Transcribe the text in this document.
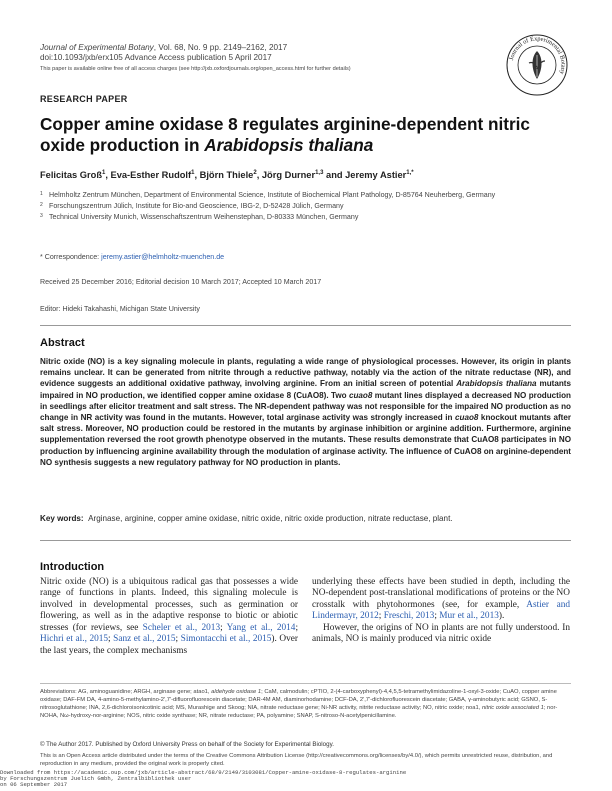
Journal of Experimental Botany, Vol. 68, No. 9 pp. 2149–2162, 2017
doi:10.1093/jxb/erx105 Advance Access publication 5 April 2017
This paper is available online free of all access charges (see http://jxb.oxfordjournals.org/open_access.html for further details)
Journal of Experimental Botany
RESEARCH PAPER
Copper amine oxidase 8 regulates arginine-dependent nitric oxide production in Arabidopsis thaliana
Felicitas Groß$^1$, Eva-Esther Rudolf$^1$, Björn Thiele$^2$, Jörg Durner$^{1,3}$ and Jeremy Astier$^{1,*}$
1 Helmholtz Zentrum München, Department of Environmental Science, Institute of Biochemical Plant Pathology, D-85764 Neuherberg, Germany
2 Forschungszentrum Jülich, Institute for Bio-and Geoscience, IBG-2, D-52428 Jülich, Germany
3 Technical University Munich, Wissenschaftszentrum Weihenstephan, D-80333 München, Germany
* Correspondence: jeremy.astier@helmholtz-muenchen.de
Received 25 December 2016; Editorial decision 10 March 2017; Accepted 10 March 2017
Editor: Hideki Takahashi, Michigan State University
Abstract
Nitric oxide (NO) is a key signaling molecule in plants, regulating a wide range of physiological processes. However, its origin in plants remains unclear. It can be generated from nitrite through a reductive pathway, notably via the action of the nitrate reductase (NR), and evidence suggests an additional oxidative pathway, involving arginine. From an initial screen of potential Arabidopsis thaliana mutants impaired in NO production, we identified copper amine oxidase 8 (CuAO8). Two cuao8 mutant lines displayed a decreased NO production in seedlings after elicitor treatment and salt stress. The NR-dependent pathway was not responsible for the impaired NO production as no change in NR activity was found in the mutants. However, total arginase activity was strongly increased in cuao8 knockout mutants after salt stress. Moreover, NO production could be restored in the mutants by arginase inhibition or arginine addition. Furthermore, arginine supplementation reversed the root growth phenotype observed in the mutants. These results demonstrate that CuAO8 participates in NO production by influencing arginine availability through the modulation of arginase activity. The influence of CuAO8 on arginine-dependent NO synthesis suggests a new regulatory pathway for NO production in plants.
Key words: Arginase, arginine, copper amine oxidase, nitric oxide, nitric oxide production, nitrate reductase, plant.
Introduction
Nitric oxide (NO) is a ubiquitous radical gas that possesses a wide range of functions in plants. Indeed, this signaling molecule is involved in developmental processes, such as germination or flowering, as well as in the adaptive response to biotic or abiotic stresses (for reviews, see Scheler et al., 2013; Yang et al., 2014; Hichri et al., 2015; Sanz et al., 2015; Simontacchi et al., 2015). Over the last years, the complex mechanisms
underlying these effects have been studied in depth, including the NO-dependent post-translational modifications of proteins or the NO crosstalk with phytohormones (see, for example, Astier and Lindermayr, 2012; Freschi, 2013; Mur et al., 2013).
However, the origins of NO in plants are not fully understood. In animals, NO is mainly produced via nitric oxide
Abbreviations: AG, aminoguanidine; ARGH, arginase gene; atao1, aldehyde oxidase 1; CaM, calmodulin; cPTIO, 2-(4-carboxyphenyl)-4,4,5,5-tetramethylimidazoline-1-oxyl-3-oxide; CuAO, copper amine oxidase; DAF-FM DA, 4-amino-5-methylamino-2',7'-difluorofluorescein diacetate; DAR-4M AM, diaminorhodamine; DCF-DA, 2',7'-dichlorofluorescein diacetate; GABA, γ-aminobutyric acid; GSNO, S-nitrosoglutathione; INA, 2,6-dichloroisonicotinic acid; MS, Murashige and Skoog; NIA, nitrate reductase gene; Ni-NR activity, nitrite reductase activity; NO, nitric oxide; noa1, nitric oxide associated 1; nor-NOHA, Nω-hydroxy-nor-arginine; NOS, nitric oxide synthase; NR, nitrate reductase; PA, polyamine; SNAP, S-nitroso-N-acetylpenicillamine.
© The Author 2017. Published by Oxford University Press on behalf of the Society for Experimental Biology.
This is an Open Access article distributed under the terms of the Creative Commons Attribution License (http://creativecommons.org/licenses/by/4.0/), which permits unrestricted reuse, distribution, and reproduction in any medium, provided the original work is properly cited.
Downloaded from https://academic.oup.com/jxb/article-abstract/68/9/2149/3103081/Copper-amine-oxidase-8-regulates-arginine
by Forschungszentrum Juelich Gmbh, Zentralbibliothek user
on 06 September 2017
